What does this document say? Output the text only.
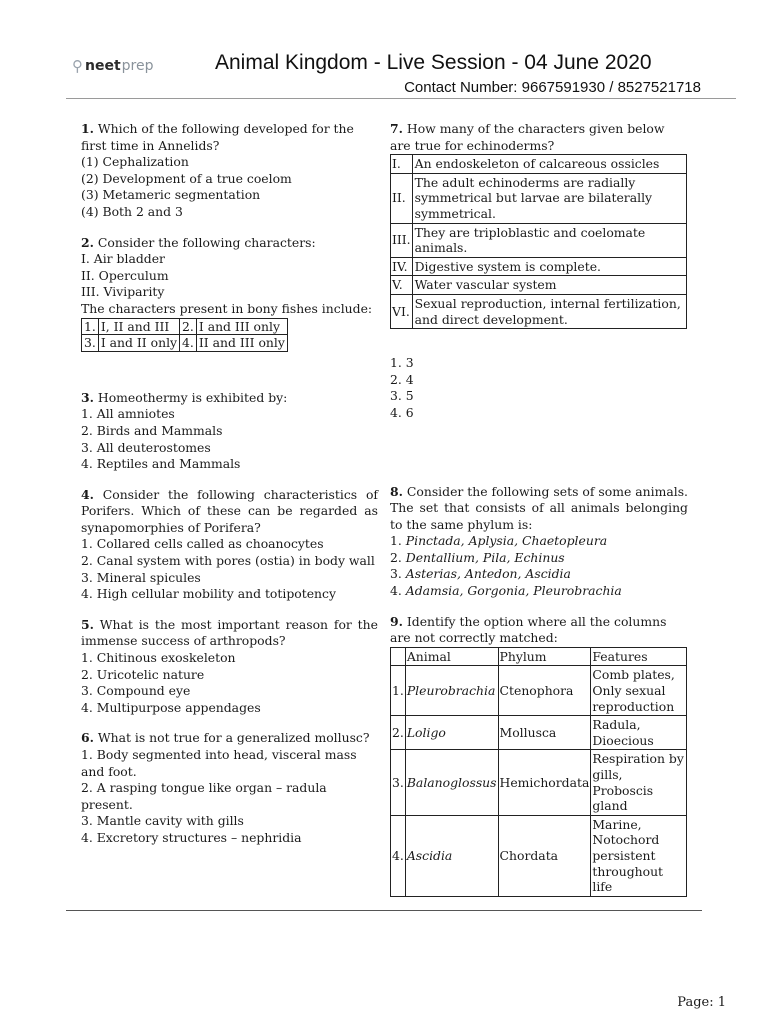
⚲ neet prep	Animal Kingdom - Live Session - 04 June 2020
Contact Number: 9667591930 / 8527521718

1. Which of the following developed for the first time in Annelids?

(1) Cephalization

(2) Development of a true coelom

(3) Metameric segmentation

(4) Both 2 and 3

2. Consider the following characters:

I. Air bladder

II. Operculum

III. Viviparity

The characters present in bony fishes include:

1.	I, II and III	2.	I and III only
3.	I and II only	4.	II and III only

3. Homeothermy is exhibited by:

1. All amniotes

2. Birds and Mammals

3. All deuterostomes

4. Reptiles and Mammals

4. Consider the following characteristics of Porifers. Which of these can be regarded as synapomorphies of Porifera?

1. Collared cells called as choanocytes

2. Canal system with pores (ostia) in body wall

3. Mineral spicules

4. High cellular mobility and totipotency

5. What is the most important reason for the immense success of arthropods?

1. Chitinous exoskeleton

2. Uricotelic nature

3. Compound eye

4. Multipurpose appendages

6. What is not true for a generalized mollusc?

1. Body segmented into head, visceral mass and foot.

2. A rasping tongue like organ – radula present.

3. Mantle cavity with gills

4. Excretory structures – nephridia

7. How many of the characters given below are true for echinoderms?

I.	An endoskeleton of calcareous ossicles
II.	The adult echinoderms are radially symmetrical but larvae are bilaterally symmetrical.
III.	They are triploblastic and coelomate animals.
IV.	Digestive system is complete.
V.	Water vascular system
VI.	Sexual reproduction, internal fertilization, and direct development.

1. 3

2. 4

3. 5

4. 6

8. Consider the following sets of some animals. The set that consists of all animals belonging to the same phylum is:

1. Pinctada, Aplysia, Chaetopleura

2. Dentallium, Pila, Echinus

3. Asterias, Antedon, Ascidia

4. Adamsia, Gorgonia, Pleurobrachia

9. Identify the option where all the columns are not correctly matched:

	Animal	Phylum	Features
1.	Pleurobrachia	Ctenophora	Comb plates, Only sexual reproduction
2.	Loligo	Mollusca	Radula, Dioecious
3.	Balanoglossus	Hemichordata	Respiration by gills, Proboscis gland
4.	Ascidia	Chordata	Marine, Notochord persistent throughout life
Page: 1
